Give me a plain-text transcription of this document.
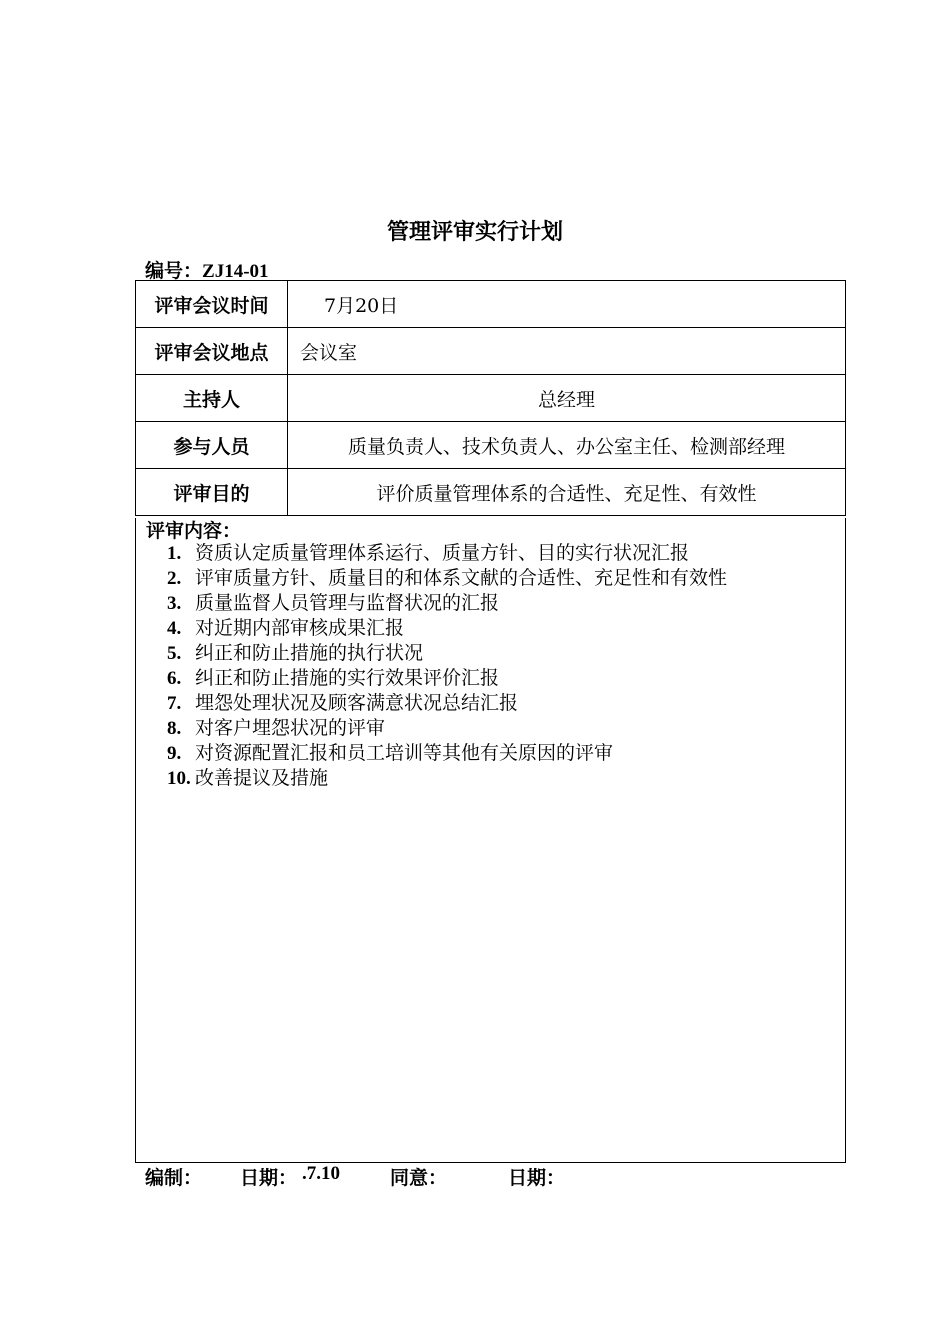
管理评审实行计划
编号：ZJ14-01
评审会议时间	7月20日
评审会议地点	会议室
主持人	总经理
参与人员	质量负责人、技术负责人、办公室主任、检测部经理
评审目的	评价质量管理体系的合适性、充足性、有效性
评审内容：
1. 资质认定质量管理体系运行、质量方针、目的实行状况汇报
2. 评审质量方针、质量目的和体系文献的合适性、充足性和有效性
3. 质量监督人员管理与监督状况的汇报
4. 对近期内部审核成果汇报
5. 纠正和防止措施的执行状况
6. 纠正和防止措施的实行效果评价汇报
7. 埋怨处理状况及顾客满意状况总结汇报
8. 对客户埋怨状况的评审
9. 对资源配置汇报和员工培训等其他有关原因的评审
10. 改善提议及措施
编制： 日期： .7.10	同意：	日期：
